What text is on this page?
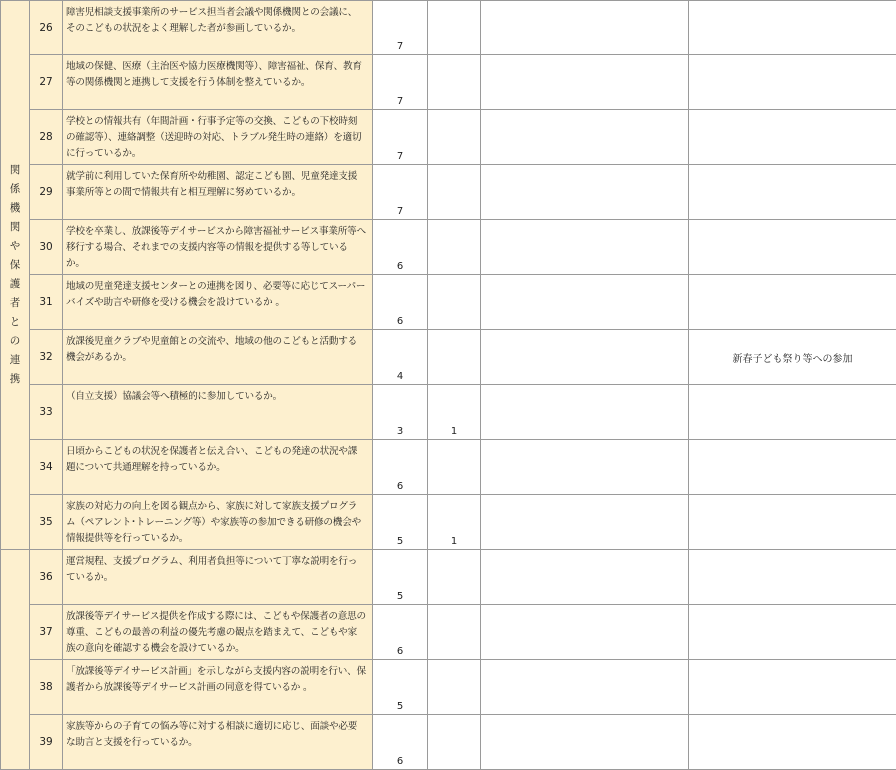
関係機関や保護者との連携	26	障害児相談支援事業所のサービス担当者会議や関係機関との会議に、そのこどもの状況をよく理解した者が参画しているか。	7			
	27	地域の保健、医療（主治医や協力医療機関等）、障害福祉、保育、教育等の関係機関と連携して支援を行う体制を整えているか。	7			
	28	学校との情報共有（年間計画・行事予定等の交換、こどもの下校時刻の確認等）、連絡調整（送迎時の対応、トラブル発生時の連絡）を適切に行っているか。	7			
	29	就学前に利用していた保育所や幼稚園、認定こども園、児童発達支援事業所等との間で情報共有と相互理解に努めているか。	7			
	30	学校を卒業し、放課後等デイサービスから障害福祉サービス事業所等へ移行する場合、それまでの支援内容等の情報を提供する等しているか。	6			
	31	地域の児童発達支援センターとの連携を図り、必要等に応じてスーパーバイズや助言や研修を受ける機会を設けているか 。	6			
	32	放課後児童クラブや児童館との交流や、地域の他のこどもと活動する機会があるか。	4			新春子ども祭り等への参加
	33	（自立支援）協議会等へ積極的に参加しているか。	3	1		
	34	日頃からこどもの状況を保護者と伝え合い、こどもの発達の状況や課題について共通理解を持っているか。	6			
	35	家族の対応力の向上を図る観点から、家族に対して家族支援プログラム（ペアレント･トレーニング等）や家族等の参加できる研修の機会や情報提供等を行っているか。	5	1		
	36	運営規程、支援プログラム、利用者負担等について丁寧な説明を行っているか。	5			
	37	放課後等デイサービス提供を作成する際には、こどもや保護者の意思の尊重、こどもの最善の利益の優先考慮の観点を踏まえて、こどもや家族の意向を確認する機会を設けているか。	6			
	38	「放課後等デイサービス計画」を示しながら支援内容の説明を行い、保護者から放課後等デイサービス計画の同意を得ているか 。	5			
	39	家族等からの子育ての悩み等に対する相談に適切に応じ、面談や必要な助言と支援を行っているか。	6			
